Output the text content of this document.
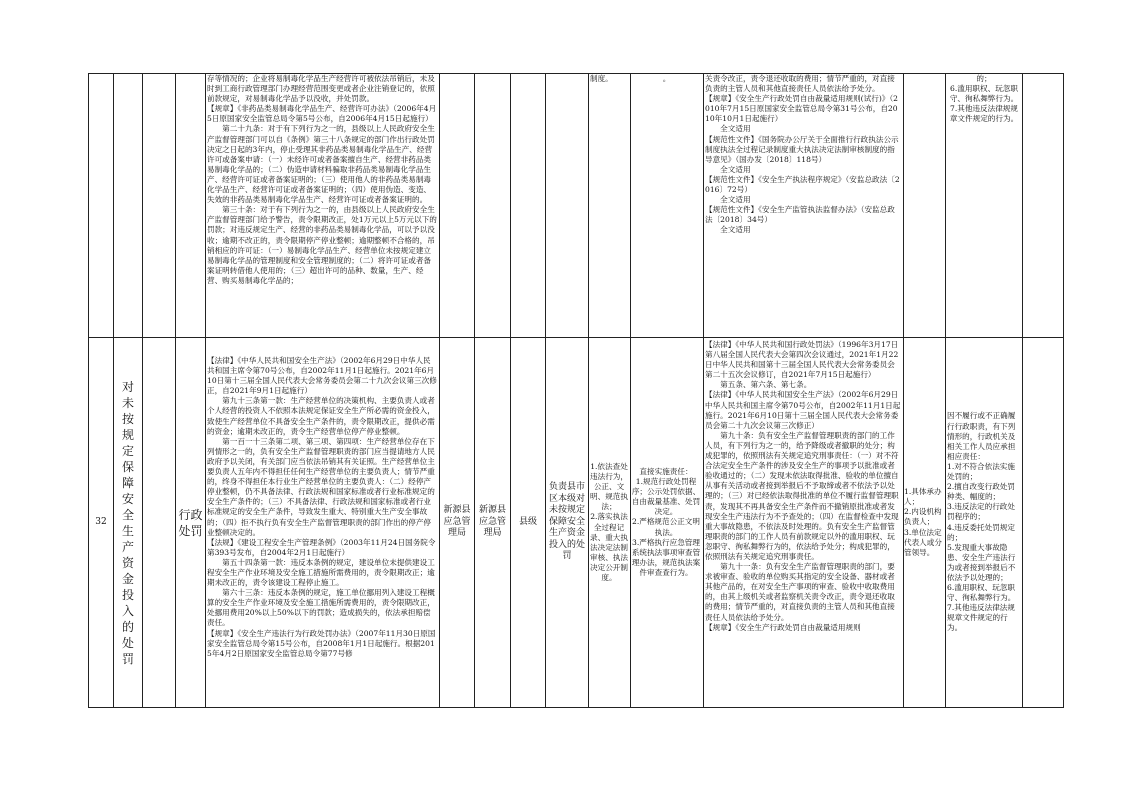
存等情况的；企业将易制毒化学品生产经营许可被依法吊销后，未及时到工商行政管理部门办理经营范围变更或者企业注销登记的，依照前款规定，对易制毒化学品予以没收，并处罚款。
【规章】《非药品类易制毒化学品生产、经营许可办法》（2006年4月5日原国家安全监管总局令第5号公布，自2006年4月15日起施行）
　　第二十九条：对于有下列行为之一的，县级以上人民政府安全生产监督管理部门可以自《条例》第三十八条规定的部门作出行政处罚决定之日起的3年内，停止受理其非药品类易制毒化学品生产、经营许可或备案申请：（一）未经许可或者备案擅自生产、经营非药品类易制毒化学品的；（二）伪造申请材料骗取非药品类易制毒化学品生产、经营许可证或者备案证明的；（三）使用他人的非药品类易制毒化学品生产、经营许可证或者备案证明的；（四）使用伪造、变造、失效的非药品类易制毒化学品生产、经营许可证或者备案证明的。
　　第三十条：对于有下列行为之一的，由县级以上人民政府安全生产监督管理部门给予警告，责令限期改正，处1万元以上5万元以下的罚款；对违反规定生产、经营的非药品类易制毒化学品，可以予以没收；逾期不改正的，责令限期停产停业整顿；逾期整顿不合格的，吊销相应的许可证：（一）易制毒化学品生产、经营单位未按规定建立易制毒化学品的管理制度和安全管理制度的；（二）将许可证或者备案证明转借他人使用的；（三）超出许可的品种、数量，生产、经营、购买易制毒化学品的；

制度。	。	关责令改正，责令退还收取的费用；情节严重的，对直接负责的主管人员和其他直接责任人员依法给予处分。
【规章】《安全生产行政处罚自由裁量适用规则(试行)》（2010年7月15日原国家安全监管总局令第31号公布，自2010年10月1日起施行）
　　全文适用
【规范性文件】《国务院办公厅关于全面推行行政执法公示制度执法全过程记录制度重大执法决定法制审核制度的指导意见》（国办发〔2018〕118号）
　　全文适用
【规范性文件】《安全生产执法程序规定》（安监总政法〔2016〕72号）
　　全文适用
【规范性文件】《安全生产监管执法监督办法》（安监总政法〔2018〕34号）
　　全文适用

的；
6.滥用职权、玩忽职守、徇私舞弊行为。
7.其他违反法律规规章文件规定的行为。

32

对未按规定保障安全生产资金投入的处罚

行政处罚

【法律】《中华人民共和国安全生产法》（2002年6月29日中华人民共和国主席令第70号公布，自2002年11月1日起施行。2021年6月10日第十三届全国人民代表大会常务委员会第二十九次会议第三次修正，自2021年9月1日起施行）
　　第九十三条第一款：生产经营单位的决策机构、主要负责人或者个人经营的投资人不依照本法规定保证安全生产所必需的资金投入，致使生产经营单位不具备安全生产条件的，责令限期改正，提供必需的资金；逾期未改正的，责令生产经营单位停产停业整顿。
　　第一百一十三条第二项、第三项、第四项：生产经营单位存在下列情形之一的，负有安全生产监督管理职责的部门应当提请地方人民政府予以关闭，有关部门应当依法吊销其有关证照。生产经营单位主要负责人五年内不得担任任何生产经营单位的主要负责人；情节严重的，终身不得担任本行业生产经营单位的主要负责人：（二）经停产停业整顿，仍不具备法律、行政法规和国家标准或者行业标准规定的安全生产条件的；（三）不具备法律、行政法规和国家标准或者行业标准规定的安全生产条件，导致发生重大、特别重大生产安全事故的；（四）拒不执行负有安全生产监督管理职责的部门作出的停产停业整顿决定的。
【法规】《建设工程安全生产管理条例》（2003年11月24日国务院令第393号发布，自2004年2月1日起施行）
　　第五十四条第一款：违反本条例的规定，建设单位未提供建设工程安全生产作业环境及安全施工措施所需费用的，责令限期改正；逾期未改正的，责令该建设工程停止施工。
　　第六十三条：违反本条例的规定，施工单位挪用列入建设工程概算的安全生产作业环境及安全施工措施所需费用的，责令限期改正，处挪用费用20%以上50%以下的罚款；造成损失的，依法承担赔偿责任。
【规章】《安全生产违法行为行政处罚办法》（2007年11月30日原国家安全监管总局令第15号公布，自2008年1月1日起施行。根据2015年4月2日原国家安全监管总局令第77号修

新源县应急管理局

新源县应急管理局

县级

负责县市区本级对未按规定保障安全生产资金投入的处罚

1.依法查处违法行为，公正、文明、规范执法；
2.落实执法全过程记录、重大执法决定法制审核、执法决定公开制度。

直接实施责任：
1.规范行政处罚程序；公示处罚依据、自由裁量基准、处罚决定。
2.严格规范公正文明执法。
3.严格执行应急管理系统执法事项审查管理办法，规范执法案件审查查行为。

【法律】《中华人民共和国行政处罚法》（1996年3月17日第八届全国人民代表大会第四次会议通过，2021年1月22日中华人民共和国第十三届全国人民代表大会常务委员会第二十五次会议修订，自2021年7月15日起施行）
　　第五条、第六条、第七条。
【法律】《中华人民共和国安全生产法》（2002年6月29日中华人民共和国主席令第70号公布，自2002年11月1日起施行。2021年6月10日第十三届全国人民代表大会常务委员会第二十九次会议第三次修正）
　　第九十条：负有安全生产监督管理职责的部门的工作人员，有下列行为之一的，给予降级或者撤职的处分；构成犯罪的，依照刑法有关规定追究刑事责任：（一）对不符合法定安全生产条件的涉及安全生产的事项予以批准或者验收通过的；（二）发现未依法取得批准、验收的单位擅自从事有关活动或者接到举报后不予取缔或者不依法予以处理的；（三）对已经依法取得批准的单位不履行监督管理职责，发现其不再具备安全生产条件而不撤销原批准或者发现安全生产违法行为不予查处的；（四）在监督检查中发现重大事故隐患，不依法及时处理的。负有安全生产监督管理职责的部门的工作人员有前款规定以外的滥用职权、玩忽职守、徇私舞弊行为的，依法给予处分；构成犯罪的，依照刑法有关规定追究刑事责任。
　　第九十一条：负有安全生产监督管理职责的部门，要求被审查、验收的单位购买其指定的安全设备、器材或者其他产品的，在对安全生产事项的审查、验收中收取费用的，由其上级机关或者监察机关责令改正，责令退还收取的费用；情节严重的，对直接负责的主管人员和其他直接责任人员依法给予处分。
【规章】《安全生产行政处罚自由裁量适用规则

1.具体承办人；
2.内设机构负责人；
3.单位法定代表人或分管领导。

因不履行或不正确履行行政职责，有下列情形的，行政机关及相关工作人员应承担相应责任：
1.对不符合依法实施处罚的；
2.擅自改变行政处罚种类、幅度的；
3.违反法定的行政处罚程序的；
4.违反委托处罚规定的；
5.发现重大事故隐患、安全生产违法行为或者接到举报后不依法予以处理的；
6.滥用职权、玩忽职守、徇私舞弊行为。
7.其他违反法律法规规章文件规定的行为。
